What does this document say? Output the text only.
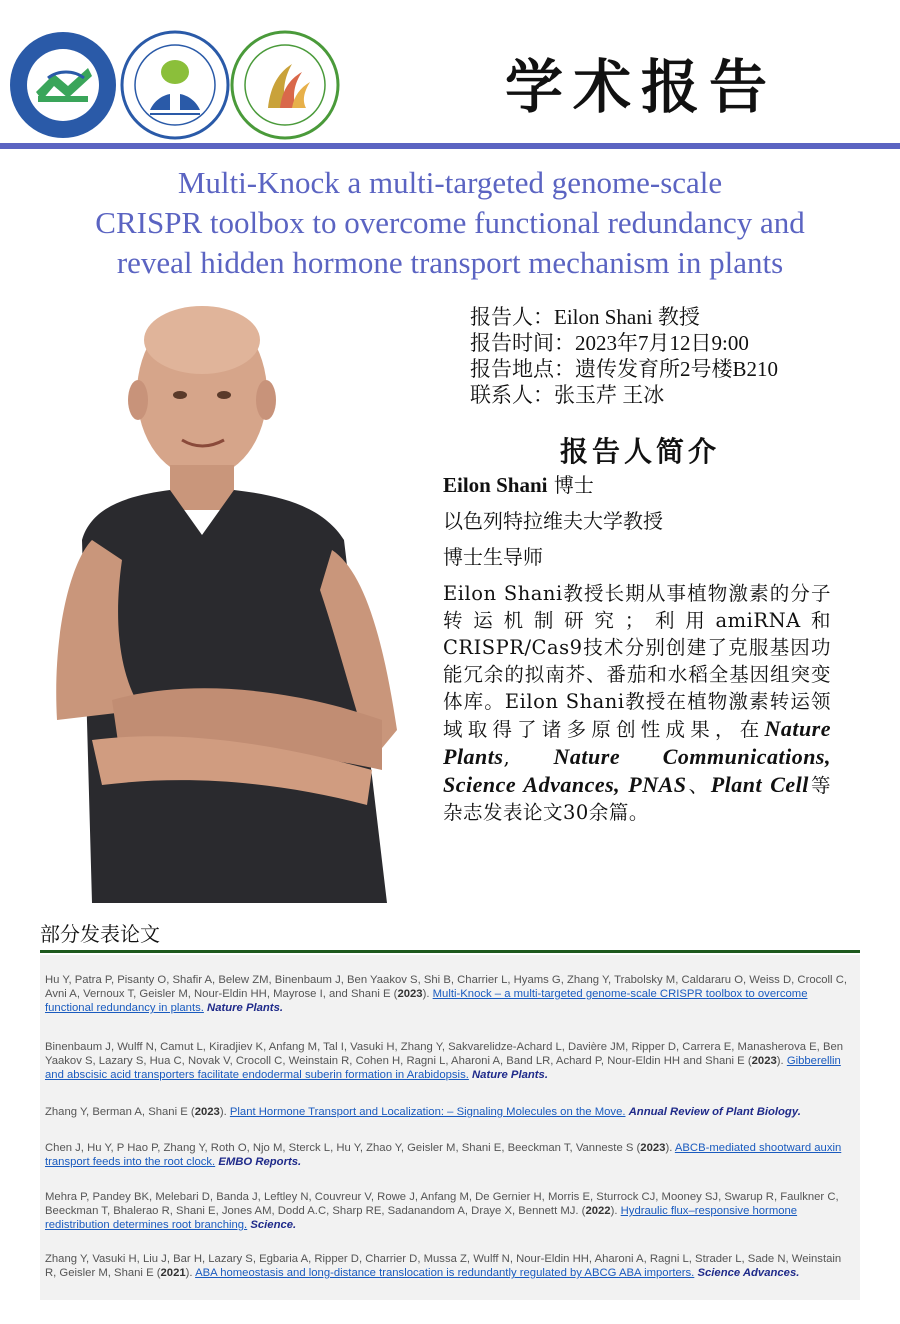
学术报告
Multi-Knock a multi-targeted genome-scale
CRISPR toolbox to overcome functional redundancy and
reveal hidden hormone transport mechanism in plants
报告人：Eilon Shani 教授
报告时间：2023年7月12日9:00
报告地点：遗传发育所2号楼B210
联系人：张玉芹 王冰
报告人简介
Eilon Shani 博士
以色列特拉维夫大学教授
博士生导师
Eilon Shani教授长期从事植物激素的分子转运机制研究；利用amiRNA和CRISPR/Cas9技术分别创建了克服基因功能冗余的拟南芥、番茄和水稻全基因组突变体库。Eilon Shani教授在植物激素转运领域取得了诸多原创性成果，在Nature Plants, Nature Communications, Science Advances, PNAS、Plant Cell等杂志发表论文30余篇。
部分发表论文
Hu Y, Patra P, Pisanty O, Shafir A, Belew ZM, Binenbaum J, Ben Yaakov S, Shi B, Charrier L, Hyams G, Zhang Y, Trabolsky M, Caldararu O, Weiss D, Crocoll C, Avni A, Vernoux T, Geisler M, Nour-Eldin HH, Mayrose I, and Shani E (2023). Multi-Knock – a multi-targeted genome-scale CRISPR toolbox to overcome functional redundancy in plants. Nature Plants.
Binenbaum J, Wulff N, Camut L, Kiradjiev K, Anfang M, Tal I, Vasuki H, Zhang Y, Sakvarelidze-Achard L, Davière JM, Ripper D, Carrera E, Manasherova E, Ben Yaakov S, Lazary S, Hua C, Novak V, Crocoll C, Weinstain R, Cohen H, Ragni L, Aharoni A, Band LR, Achard P, Nour-Eldin HH and Shani E (2023). Gibberellin and abscisic acid transporters facilitate endodermal suberin formation in Arabidopsis. Nature Plants.
Zhang Y, Berman A, Shani E (2023). Plant Hormone Transport and Localization: – Signaling Molecules on the Move. Annual Review of Plant Biology.
Chen J, Hu Y, P Hao P, Zhang Y, Roth O, Njo M, Sterck L, Hu Y, Zhao Y, Geisler M, Shani E, Beeckman T, Vanneste S (2023). ABCB-mediated shootward auxin transport feeds into the root clock. EMBO Reports.
Mehra P, Pandey BK, Melebari D, Banda J, Leftley N, Couvreur V, Rowe J, Anfang M, De Gernier H, Morris E, Sturrock CJ, Mooney SJ, Swarup R, Faulkner C, Beeckman T, Bhalerao R, Shani E, Jones AM, Dodd A.C, Sharp RE, Sadanandom A, Draye X, Bennett MJ. (2022). Hydraulic flux–responsive hormone redistribution determines root branching. Science.
Zhang Y, Vasuki H, Liu J, Bar H, Lazary S, Egbaria A, Ripper D, Charrier D, Mussa Z, Wulff N, Nour-Eldin HH, Aharoni A, Ragni L, Strader L, Sade N, Weinstain R, Geisler M, Shani E (2021). ABA homeostasis and long-distance translocation is redundantly regulated by ABCG ABA importers. Science Advances.
